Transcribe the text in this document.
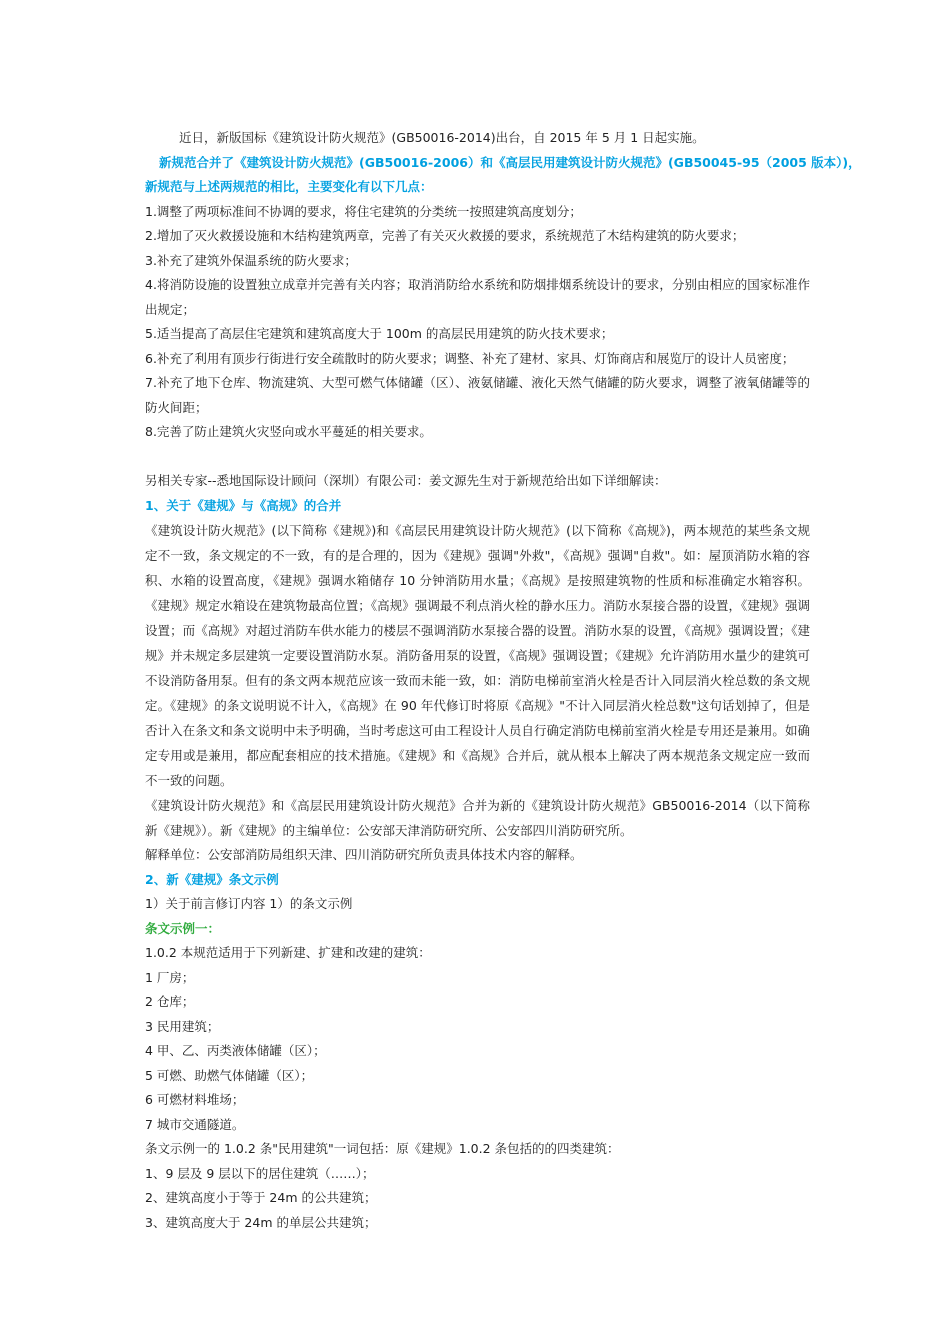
近日，新版国标《建筑设计防火规范》(GB50016-2014)出台，自 2015 年 5 月 1 日起实施。

新规范合并了《建筑设计防火规范》(GB50016-2006）和《高层民用建筑设计防火规范》(GB50045-95（2005 版本）)，

新规范与上述两规范的相比，主要变化有以下几点：

1.调整了两项标准间不协调的要求，将住宅建筑的分类统一按照建筑高度划分；

2.增加了灭火救援设施和木结构建筑两章，完善了有关灭火救援的要求，系统规范了木结构建筑的防火要求；

3.补充了建筑外保温系统的防火要求；

4.将消防设施的设置独立成章并完善有关内容；取消消防给水系统和防烟排烟系统设计的要求，分别由相应的国家标准作出规定；

5.适当提高了高层住宅建筑和建筑高度大于 100m 的高层民用建筑的防火技术要求；

6.补充了利用有顶步行街进行安全疏散时的防火要求；调整、补充了建材、家具、灯饰商店和展览厅的设计人员密度；

7.补充了地下仓库、物流建筑、大型可燃气体储罐（区）、液氨储罐、液化天然气储罐的防火要求，调整了液氧储罐等的防火间距；

8.完善了防止建筑火灾竖向或水平蔓延的相关要求。

另相关专家--悉地国际设计顾问（深圳）有限公司：姜文源先生对于新规范给出如下详细解读：

1、关于《建规》与《高规》的合并

《建筑设计防火规范》(以下简称《建规》)和《高层民用建筑设计防火规范》(以下简称《高规》)，两本规范的某些条文规定不一致，条文规定的不一致，有的是合理的，因为《建规》强调"外救"，《高规》强调"自救"。如：屋顶消防水箱的容积、水箱的设置高度，《建规》强调水箱储存 10 分钟消防用水量；《高规》是按照建筑物的性质和标准确定水箱容积。《建规》规定水箱设在建筑物最高位置；《高规》强调最不利点消火栓的静水压力。消防水泵接合器的设置，《建规》强调设置；而《高规》对超过消防车供水能力的楼层不强调消防水泵接合器的设置。消防水泵的设置，《高规》强调设置；《建规》并未规定多层建筑一定要设置消防水泵。消防备用泵的设置，《高规》强调设置；《建规》允许消防用水量少的建筑可不设消防备用泵。但有的条文两本规范应该一致而未能一致，如：消防电梯前室消火栓是否计入同层消火栓总数的条文规定。《建规》的条文说明说不计入，《高规》在 90 年代修订时将原《高规》"不计入同层消火栓总数"这句话划掉了，但是否计入在条文和条文说明中未予明确，当时考虑这可由工程设计人员自行确定消防电梯前室消火栓是专用还是兼用。如确定专用或是兼用，都应配套相应的技术措施。《建规》和《高规》合并后，就从根本上解决了两本规范条文规定应一致而不一致的问题。

《建筑设计防火规范》和《高层民用建筑设计防火规范》合并为新的《建筑设计防火规范》GB50016-2014（以下简称新《建规》）。新《建规》的主编单位：公安部天津消防研究所、公安部四川消防研究所。

解释单位：公安部消防局组织天津、四川消防研究所负责具体技术内容的解释。

2、新《建规》条文示例

1）关于前言修订内容 1）的条文示例

条文示例一：

1.0.2 本规范适用于下列新建、扩建和改建的建筑：

1 厂房；

2 仓库；

3 民用建筑；

4 甲、乙、丙类液体储罐（区）；

5 可燃、助燃气体储罐（区）；

6 可燃材料堆场；

7 城市交通隧道。

条文示例一的 1.0.2 条"民用建筑"一词包括：原《建规》1.0.2 条包括的的四类建筑：

1、9 层及 9 层以下的居住建筑（……）；

2、建筑高度小于等于 24m 的公共建筑；

3、建筑高度大于 24m 的单层公共建筑；
